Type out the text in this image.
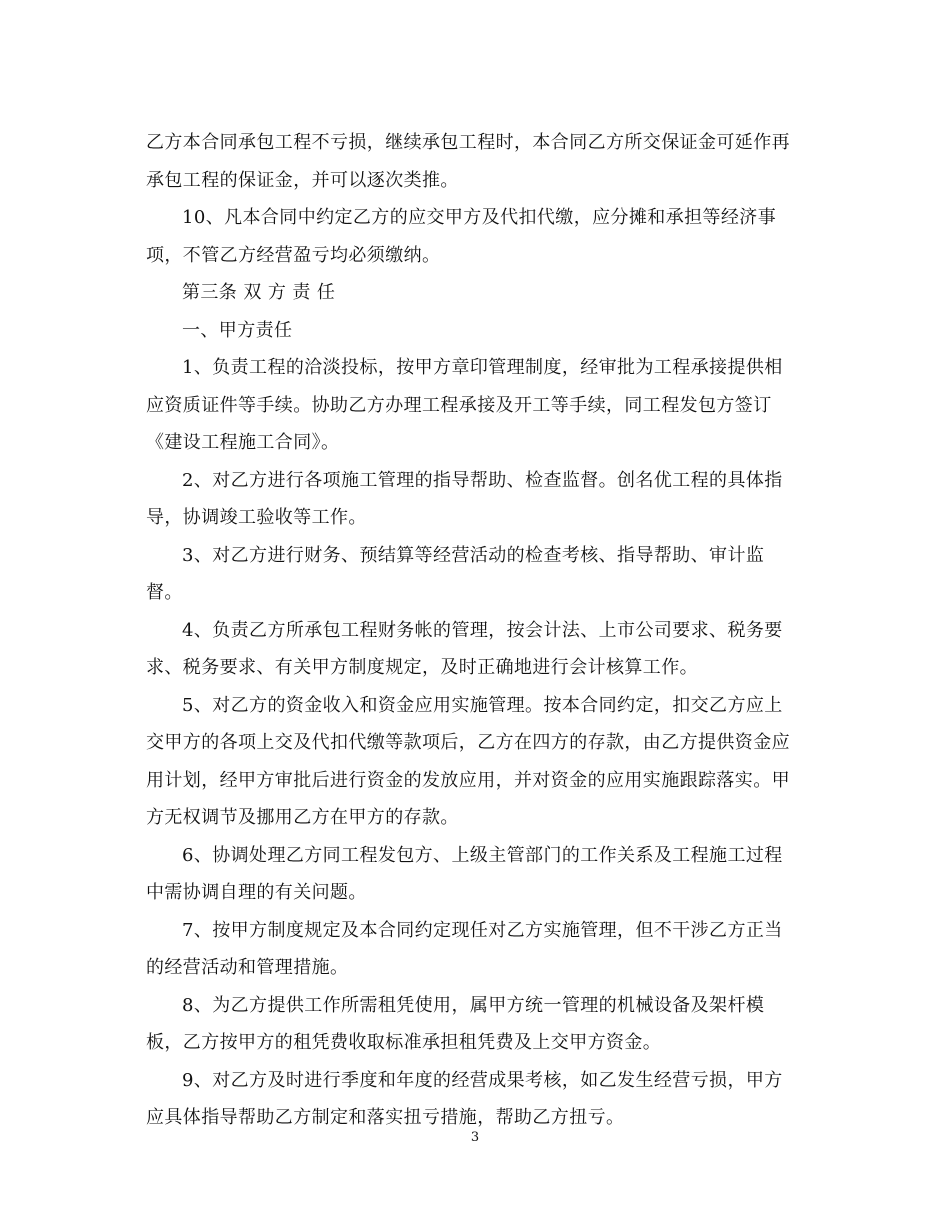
乙方本合同承包工程不亏损，继续承包工程时，本合同乙方所交保证金可延作再
承包工程的保证金，并可以逐次类推。
10、凡本合同中约定乙方的应交甲方及代扣代缴，应分摊和承担等经济事
项，不管乙方经营盈亏均必须缴纳。
第三条 双 方 责 任
一、甲方责任
1、负责工程的洽淡投标，按甲方章印管理制度，经审批为工程承接提供相
应资质证件等手续。协助乙方办理工程承接及开工等手续，同工程发包方签订
《建设工程施工合同》。
2、对乙方进行各项施工管理的指导帮助、检查监督。创名优工程的具体指
导，协调竣工验收等工作。
3、对乙方进行财务、预结算等经营活动的检查考核、指导帮助、审计监
督。
4、负责乙方所承包工程财务帐的管理，按会计法、上市公司要求、税务要
求、税务要求、有关甲方制度规定，及时正确地进行会计核算工作。
5、对乙方的资金收入和资金应用实施管理。按本合同约定，扣交乙方应上
交甲方的各项上交及代扣代缴等款项后，乙方在四方的存款，由乙方提供资金应
用计划，经甲方审批后进行资金的发放应用，并对资金的应用实施跟踪落实。甲
方无权调节及挪用乙方在甲方的存款。
6、协调处理乙方同工程发包方、上级主管部门的工作关系及工程施工过程
中需协调自理的有关问题。
7、按甲方制度规定及本合同约定现任对乙方实施管理，但不干涉乙方正当
的经营活动和管理措施。
8、为乙方提供工作所需租凭使用，属甲方统一管理的机械设备及架杆模
板，乙方按甲方的租凭费收取标准承担租凭费及上交甲方资金。
9、对乙方及时进行季度和年度的经营成果考核，如乙发生经营亏损，甲方
应具体指导帮助乙方制定和落实扭亏措施，帮助乙方扭亏。
3
